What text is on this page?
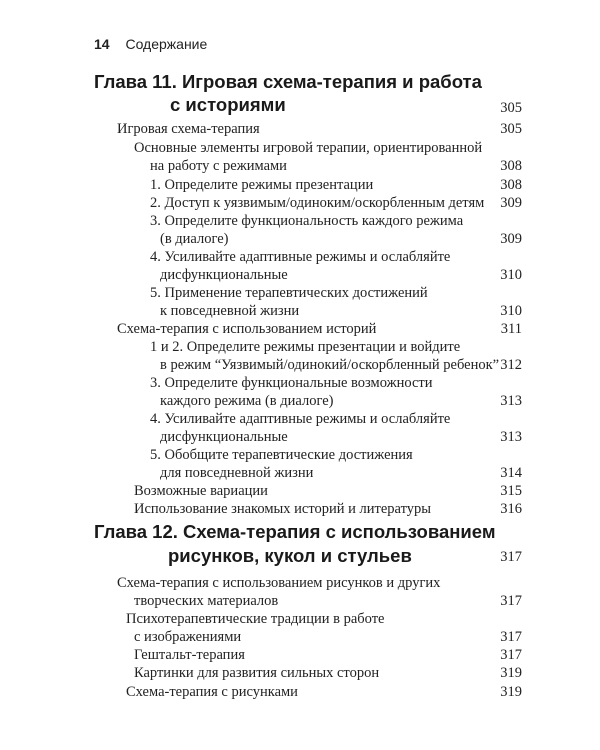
14 Содержание
Глава 11. Игровая схема-терапия и работа
с историями	305
Игровая схема-терапия	305
Основные элементы игровой терапии, ориентированной
на работу с режимами	308
1. Определите режимы презентации	308
2. Доступ к уязвимым/одиноким/оскорбленным детям 309
3. Определите функциональность каждого режима
(в диалоге)	309
4. Усиливайте адаптивные режимы и ослабляйте
дисфункциональные	310
5. Применение терапевтических достижений
к повседневной жизни	310
Схема-терапия с использованием историй	311
1 и 2. Определите режимы презентации и войдите
в режим “Уязвимый/одинокий/оскорбленный ребенок” 312
3. Определите функциональные возможности
каждого режима (в диалоге)	313
4. Усиливайте адаптивные режимы и ослабляйте
дисфункциональные	313
5. Обобщите терапевтические достижения
для повседневной жизни	314
Возможные вариации	315
Использование знакомых историй и литературы	316
Глава 12. Схема-терапия с использованием
рисунков, кукол и стульев	317
Схема-терапия с использованием рисунков и других
творческих материалов	317
Психотерапевтические традиции в работе
с изображениями	317
Гештальт-терапия	317
Картинки для развития сильных сторон	319
Схема-терапия с рисунками	319
